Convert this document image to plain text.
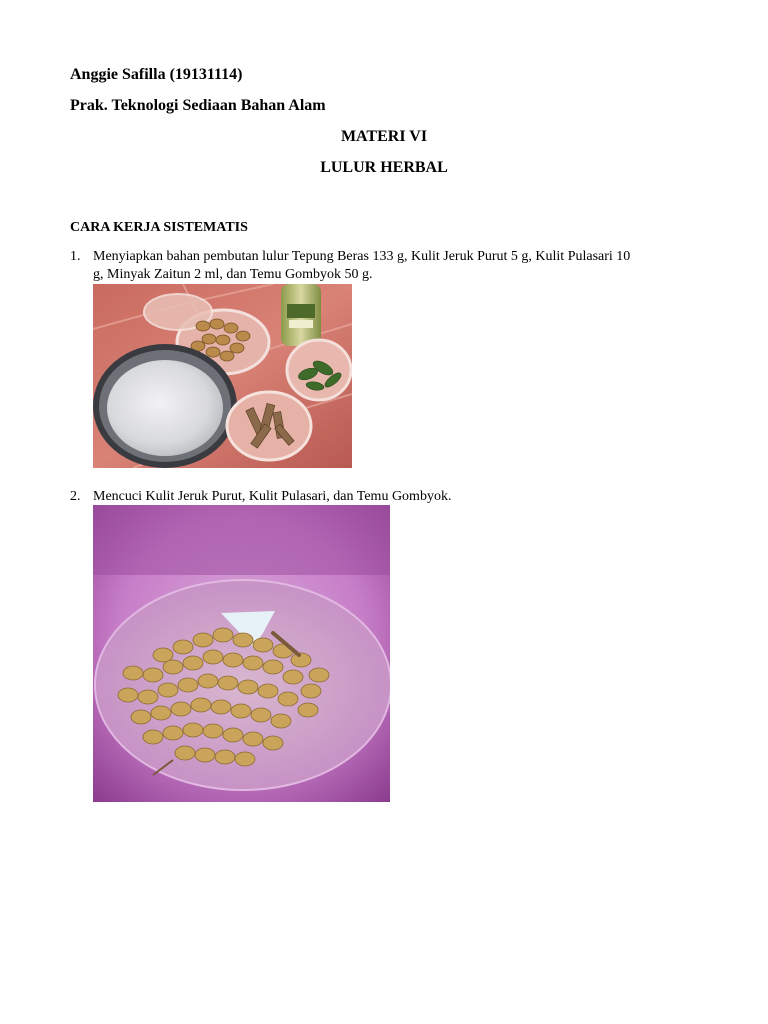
Anggie Safilla (19131114)
Prak. Teknologi Sediaan Bahan Alam
MATERI VI
LULUR HERBAL
CARA KERJA SISTEMATIS
1. Menyiapkan bahan pembutan lulur Tepung Beras 133 g, Kulit Jeruk Purut 5 g, Kulit Pulasari 10
g, Minyak Zaitun 2 ml, dan Temu Gombyok 50 g.
2. Mencuci Kulit Jeruk Purut, Kulit Pulasari, dan Temu Gombyok.
